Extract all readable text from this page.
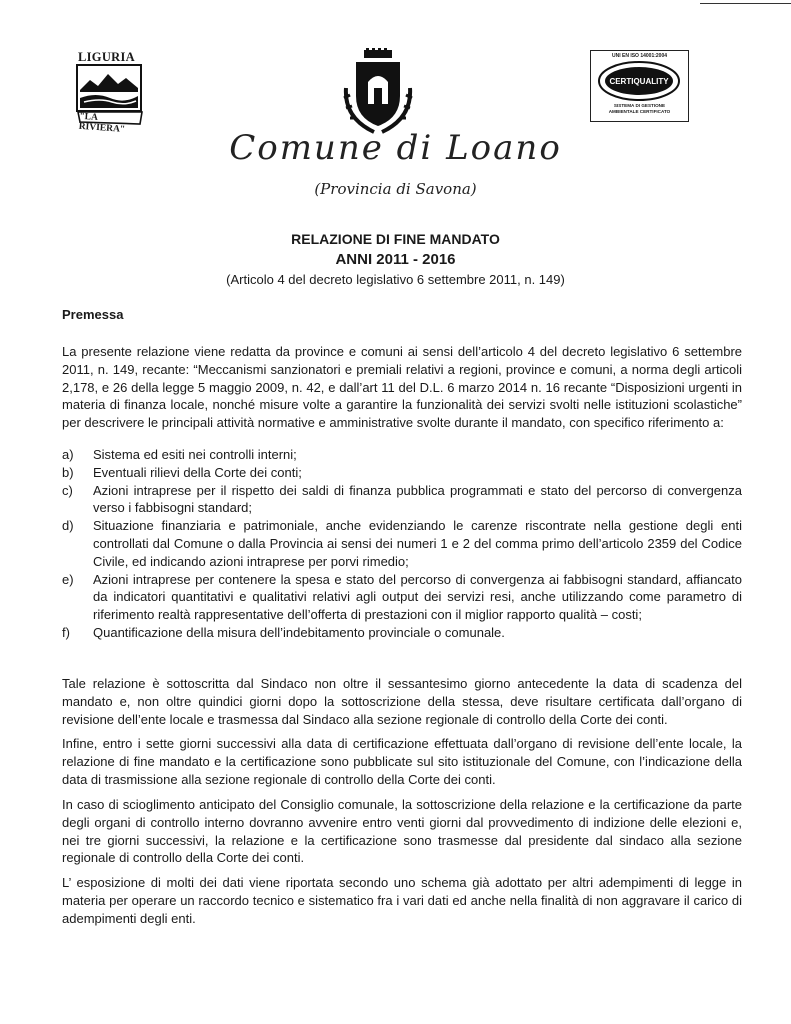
LIGURIA
"LA RIVIERA"
UNI EN ISO 14001:2004
CERTIQUALITY
SISTEMA DI GESTIONE
AMBIENTALE CERTIFICATO
Comune di Loano
(Provincia di Savona)
RELAZIONE DI FINE MANDATO
ANNI 2011 - 2016
(Articolo 4 del decreto legislativo 6 settembre 2011, n. 149)
Premessa
La presente relazione viene redatta da province e comuni ai sensi dell’articolo 4 del decreto legislativo 6 settembre 2011, n. 149, recante: “Meccanismi sanzionatori e premiali relativi a regioni, province e comuni, a norma degli articoli 2,178, e 26 della legge 5 maggio 2009, n. 42, e dall’art 11 del D.L. 6 marzo 2014 n. 16 recante “Disposizioni urgenti in materia di finanza locale, nonché misure volte a garantire la funzionalità dei servizi svolti nelle istituzioni scolastiche” per descrivere le principali attività normative e amministrative svolte durante il mandato, con specifico riferimento a:
a)	Sistema ed esiti nei controlli interni;
b)	Eventuali rilievi della Corte dei conti;
c)	Azioni intraprese per il rispetto dei saldi di finanza pubblica programmati e stato del percorso di convergenza verso i fabbisogni standard;
d)	Situazione finanziaria e patrimoniale, anche evidenziando le carenze riscontrate nella gestione degli enti controllati dal Comune o dalla Provincia ai sensi dei numeri 1 e 2 del comma primo dell’articolo 2359 del Codice Civile, ed indicando azioni intraprese per porvi rimedio;
e)	Azioni intraprese per contenere la spesa e stato del percorso di convergenza ai fabbisogni standard, affiancato da indicatori quantitativi e qualitativi relativi agli output dei servizi resi, anche utilizzando come parametro di riferimento realtà rappresentative dell’offerta di prestazioni con il miglior rapporto qualità – costi;
f)	Quantificazione della misura dell’indebitamento provinciale o comunale.
Tale relazione è sottoscritta dal Sindaco non oltre il sessantesimo giorno antecedente la data di scadenza del mandato e, non oltre quindici giorni dopo la sottoscrizione della stessa, deve risultare certificata dall’organo di revisione dell’ente locale e trasmessa dal Sindaco alla sezione regionale di controllo della Corte dei conti.
Infine, entro i sette giorni successivi alla data di certificazione effettuata dall’organo di revisione dell’ente locale, la relazione di fine mandato e la certificazione sono pubblicate sul sito istituzionale del Comune, con l’indicazione della data di trasmissione alla sezione regionale di controllo della Corte dei conti.
In caso di scioglimento anticipato del Consiglio comunale, la sottoscrizione della relazione e la certificazione da parte degli organi di controllo interno dovranno avvenire entro venti giorni dal provvedimento di indizione delle elezioni e, nei tre giorni successivi, la relazione e la certificazione sono trasmesse dal presidente dal sindaco alla sezione regionale di controllo della Corte dei conti.
L’ esposizione di molti dei dati viene riportata secondo uno schema già adottato per altri adempimenti di legge in materia per operare un raccordo tecnico e sistematico fra i vari dati ed anche nella finalità di non aggravare il carico di adempimenti degli enti.
